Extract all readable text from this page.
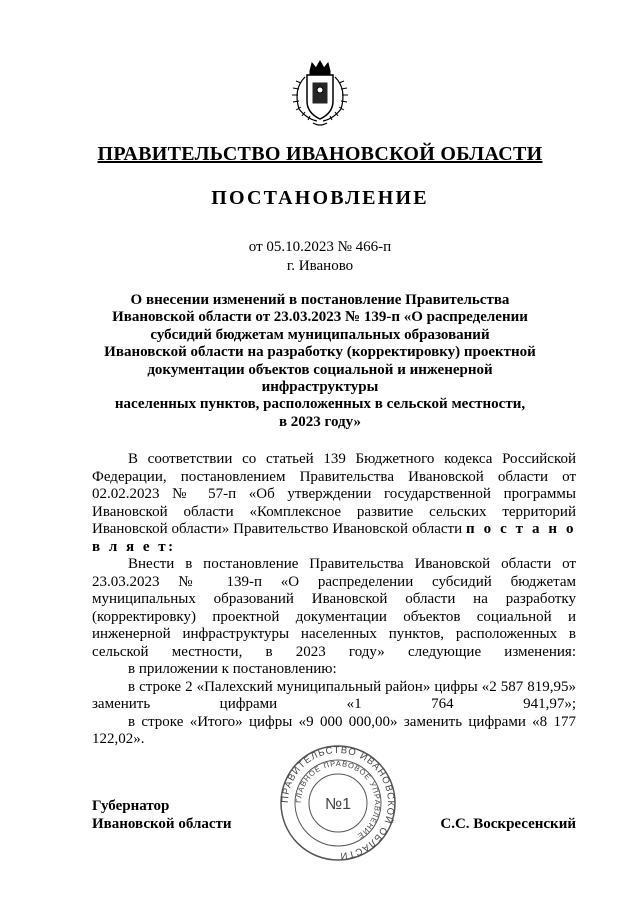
ПРАВИТЕЛЬСТВО ИВАНОВСКОЙ ОБЛАСТИ
ПОСТАНОВЛЕНИЕ
от 05.10.2023 № 466-п
г. Иваново
О внесении изменений в постановление Правительства
Ивановской области от 23.03.2023 № 139-п «О распределении
субсидий бюджетам муниципальных образований
Ивановской области на разработку (корректировку) проектной
документации объектов социальной и инженерной инфраструктуры
населенных пунктов, расположенных в сельской местности,
в 2023 году»

В соответствии со статьей 139 Бюджетного кодекса Российской Федерации, постановлением Правительства Ивановской области от 02.02.2023 № 57-п «Об утверждении государственной программы Ивановской области «Комплексное развитие сельских территорий Ивановской области» Правительство Ивановской области п о с т а н о в л я е т:

Внести в постановление Правительства Ивановской области от 23.03.2023 № 139-п «О распределении субсидий бюджетам муниципальных образований Ивановской области на разработку (корректировку) проектной документации объектов социальной и инженерной инфраструктуры населенных пунктов, расположенных в сельской местности, в 2023 году» следующие изменения:

в приложении к постановлению:

в строке 2 «Палехский муниципальный район» цифры «2 587 819,95» заменить цифрами «1 764 941,97»;

в строке «Итого» цифры «9 000 000,00» заменить цифрами «8 177 122,02».

ПРАВИТЕЛЬСТВО ИВАНОВСКОЙ ОБЛАСТИ
ГЛАВНОЕ ПРАВОВОЕ УПРАВЛЕНИЕ
№1
Губернатор
Ивановской области	С.С. Воскресенский
